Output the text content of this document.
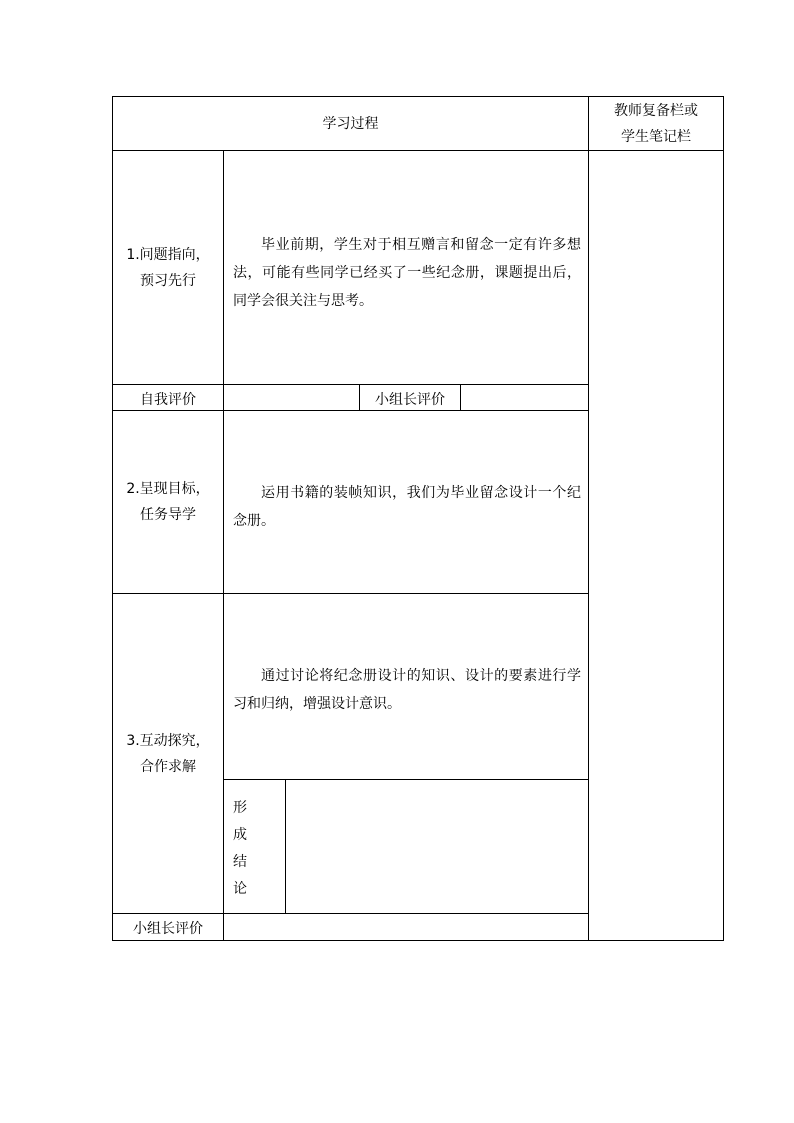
学习过程
教师复备栏或
学生笔记栏
1.问题指向，
预习先行
毕业前期，学生对于相互赠言和留念一定有许多想法，可能有些同学已经买了一些纪念册，课题提出后，同学会很关注与思考。
自我评价	小组长评价
2.呈现目标，
任务导学
运用书籍的装帧知识，我们为毕业留念设计一个纪念册。
3.互动探究，
合作求解
通过讨论将纪念册设计的知识、设计的要素进行学习和归纳，增强设计意识。
形
成
结
论
小组长评价
